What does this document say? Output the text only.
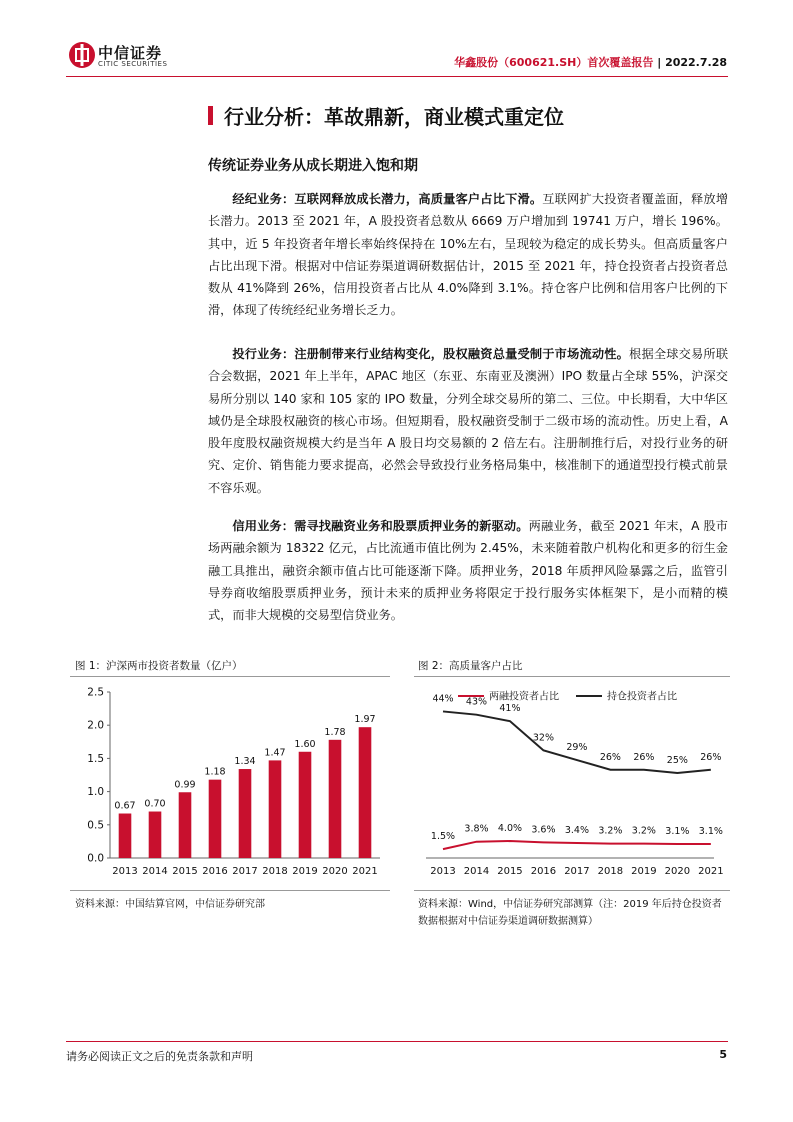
中信证券
CITIC SECURITIES	华鑫股份（600621.SH）首次覆盖报告 | 2022.7.28
行业分析：革故鼎新，商业模式重定位
传统证券业务从成长期进入饱和期
经纪业务：互联网释放成长潜力，高质量客户占比下滑。互联网扩大投资者覆盖面，释放增长潜力。2013 至 2021 年，A 股投资者总数从 6669 万户增加到 19741 万户，增长 196%。其中，近 5 年投资者年增长率始终保持在 10%左右，呈现较为稳定的成长势头。但高质量客户占比出现下滑。根据对中信证券渠道调研数据估计，2015 至 2021 年，持仓投资者占投资者总数从 41%降到 26%，信用投资者占比从 4.0%降到 3.1%。持仓客户比例和信用客户比例的下滑，体现了传统经纪业务增长乏力。
投行业务：注册制带来行业结构变化，股权融资总量受制于市场流动性。根据全球交易所联合会数据，2021 年上半年，APAC 地区（东亚、东南亚及澳洲）IPO 数量占全球 55%，沪深交易所分别以 140 家和 105 家的 IPO 数量，分列全球交易所的第二、三位。中长期看，大中华区域仍是全球股权融资的核心市场。但短期看，股权融资受制于二级市场的流动性。历史上看，A 股年度股权融资规模大约是当年 A 股日均交易额的 2 倍左右。注册制推行后，对投行业务的研究、定价、销售能力要求提高，必然会导致投行业务格局集中，核准制下的通道型投行模式前景不容乐观。
信用业务：需寻找融资业务和股票质押业务的新驱动。两融业务，截至 2021 年末，A 股市场两融余额为 18322 亿元，占比流通市值比例为 2.45%，未来随着散户机构化和更多的衍生金融工具推出，融资余额市值占比可能逐渐下降。质押业务，2018 年质押风险暴露之后，监管引导券商收缩股票质押业务，预计未来的质押业务将限定于投行服务实体框架下，是小而精的模式，而非大规模的交易型信贷业务。
图 1：沪深两市投资者数量（亿户）
0.0
0.5
1.0
1.5
2.0
2.5
0.67
2013
0.70
2014
0.99
2015
1.18
2016
1.34
2017
1.47
2018
1.60
2019
1.78
2020
1.97
2021
资料来源：中国结算官网，中信证券研究部
图 2：高质量客户占比
两融投资者占比	持仓投资者占比
1.5%
3.8% 4.0% 3.6% 3.4% 3.2% 3.2% 3.1% 3.1%
44% 43%
41%
32%
29%
26% 26% 25% 26%
2013 2014 2015 2016 2017 2018 2019 2020 2021
资料来源：Wind，中信证券研究部测算（注：2019 年后持仓投资者数据根据对中信证券渠道调研数据测算）
请务必阅读正文之后的免责条款和声明	5
